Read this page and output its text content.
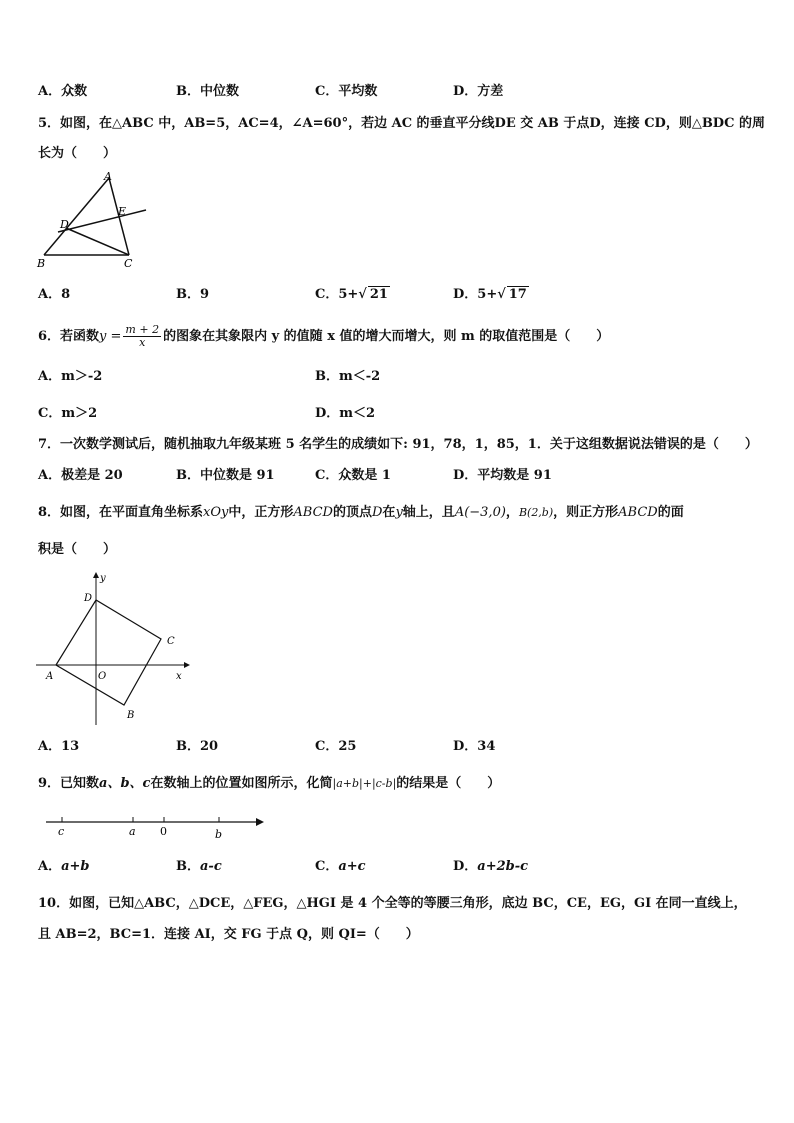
A．众数	B．中位数	C．平均数	D．方差
5．如图，在△ABC 中，AB=5，AC=4，∠A=60°，若边 AC 的垂直平分线DE 交 AB 于点D，连接 CD，则△BDC 的周
长为（　　）
A
E
D
B	C
A．8	B．9	C．5+√ 21	D．5+√ 17
6．若函数$y = \frac{m + 2}{x}$ 的图象在其象限内 y 的值随 x 值的增大而增大，则 m 的取值范围是（　　）
A．m＞-2	B．m＜-2
C．m＞2	D．m＜2
7．一次数学测试后，随机抽取九年级某班 5 名学生的成绩如下: 91，78，1，85，1．关于这组数据说法错误的是（　　）
A．极差是 20	B．中位数是 91	C．众数是 1	D．平均数是 91
8．如图，在平面直角坐标系xOy中，正方形ABCD的顶点D在y轴上，且A(−3,0)，B(2,b)，则正方形ABCD的面
积是（　　）
y
D
C
A	O	x
B
A．13	B．20	C．25	D．34
9．已知数a、b、c在数轴上的位置如图所示，化简|a+b|+|c-b|的结果是（　　）
c	a 0	b
A．a+b	B．a-c	C．a+c	D．a+2b-c
10．如图，已知△ABC，△DCE，△FEG，△HGI 是 4 个全等的等腰三角形，底边 BC，CE，EG，GI 在同一直线上，
且 AB=2，BC=1．连接 AI，交 FG 于点 Q，则 QI=（　　）
